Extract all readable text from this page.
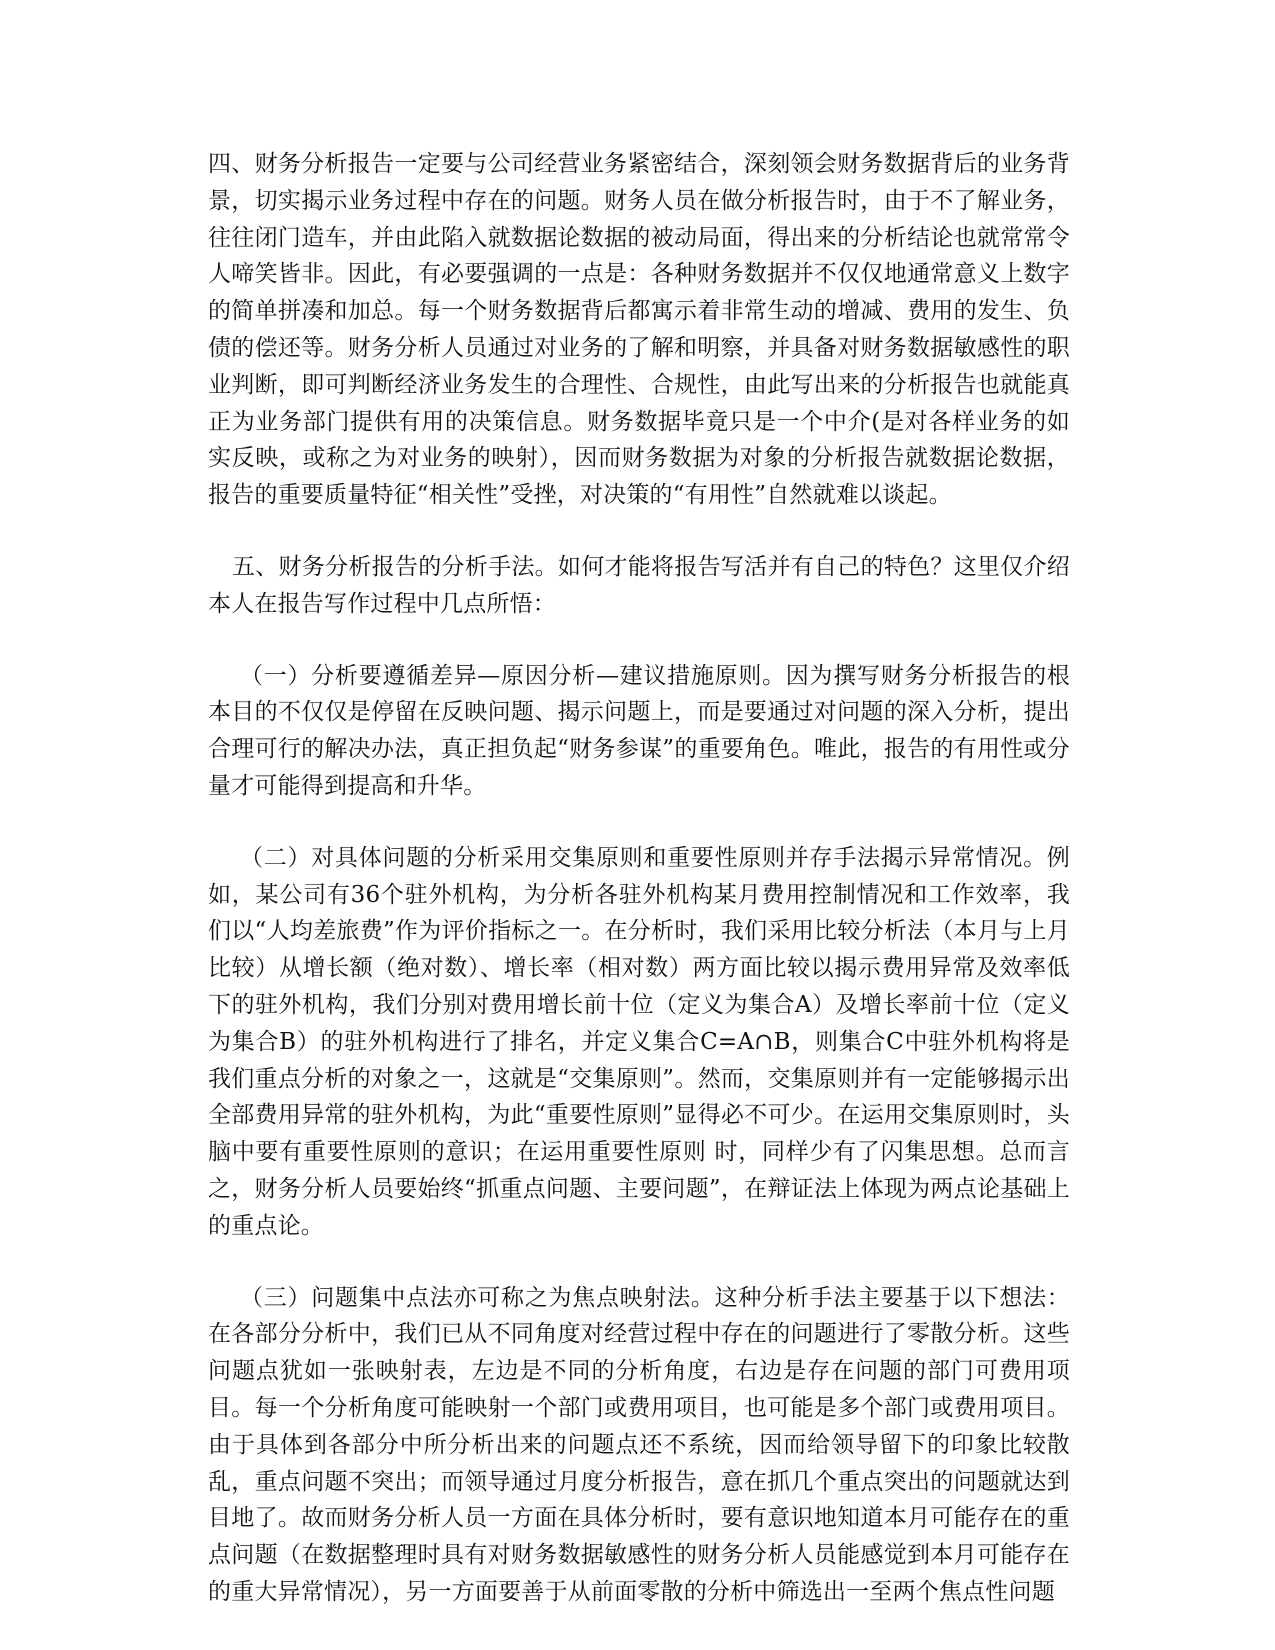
四、财务分析报告一定要与公司经营业务紧密结合，深刻领会财务数据背后的业务背景，切实揭示业务过程中存在的问题。财务人员在做分析报告时，由于不了解业务，往往闭门造车，并由此陷入就数据论数据的被动局面，得出来的分析结论也就常常令人啼笑皆非。因此，有必要强调的一点是：各种财务数据并不仅仅地通常意义上数字的简单拼凑和加总。每一个财务数据背后都寓示着非常生动的增减、费用的发生、负债的偿还等。财务分析人员通过对业务的了解和明察，并具备对财务数据敏感性的职业判断，即可判断经济业务发生的合理性、合规性，由此写出来的分析报告也就能真正为业务部门提供有用的决策信息。财务数据毕竟只是一个中介(是对各样业务的如实反映，或称之为对业务的映射），因而财务数据为对象的分析报告就数据论数据，报告的重要质量特征“相关性”受挫，对决策的“有用性”自然就难以谈起。

五、财务分析报告的分析手法。如何才能将报告写活并有自己的特色？这里仅介绍本人在报告写作过程中几点所悟：

（一）分析要遵循差异—原因分析—建议措施原则。因为撰写财务分析报告的根本目的不仅仅是停留在反映问题、揭示问题上，而是要通过对问题的深入分析，提出合理可行的解决办法，真正担负起“财务参谋”的重要角色。唯此，报告的有用性或分量才可能得到提高和升华。

（二）对具体问题的分析采用交集原则和重要性原则并存手法揭示异常情况。例如，某公司有36个驻外机构，为分析各驻外机构某月费用控制情况和工作效率，我们以“人均差旅费”作为评价指标之一。在分析时，我们采用比较分析法（本月与上月比较）从增长额（绝对数）、增长率（相对数）两方面比较以揭示费用异常及效率低下的驻外机构，我们分别对费用增长前十位（定义为集合A）及增长率前十位（定义为集合B）的驻外机构进行了排名，并定义集合C=A∩B，则集合C中驻外机构将是我们重点分析的对象之一，这就是“交集原则”。然而，交集原则并有一定能够揭示出全部费用异常的驻外机构，为此“重要性原则”显得必不可少。在运用交集原则时，头脑中要有重要性原则的意识；在运用重要性原则 时，同样少有了闪集思想。总而言之，财务分析人员要始终“抓重点问题、主要问题”，在辩证法上体现为两点论基础上的重点论。

（三）问题集中点法亦可称之为焦点映射法。这种分析手法主要基于以下想法：在各部分分析中，我们已从不同角度对经营过程中存在的问题进行了零散分析。这些问题点犹如一张映射表，左边是不同的分析角度，右边是存在问题的部门可费用项目。每一个分析角度可能映射一个部门或费用项目，也可能是多个部门或费用项目。由于具体到各部分中所分析出来的问题点还不系统，因而给领导留下的印象比较散乱，重点问题不突出；而领导通过月度分析报告，意在抓几个重点突出的问题就达到目地了。故而财务分析人员一方面在具体分析时，要有意识地知道本月可能存在的重点问题（在数据整理时具有对财务数据敏感性的财务分析人员能感觉到本月可能存在的重大异常情况），另一方面要善于从前面零散的分析中筛选出一至两个焦点性问题
